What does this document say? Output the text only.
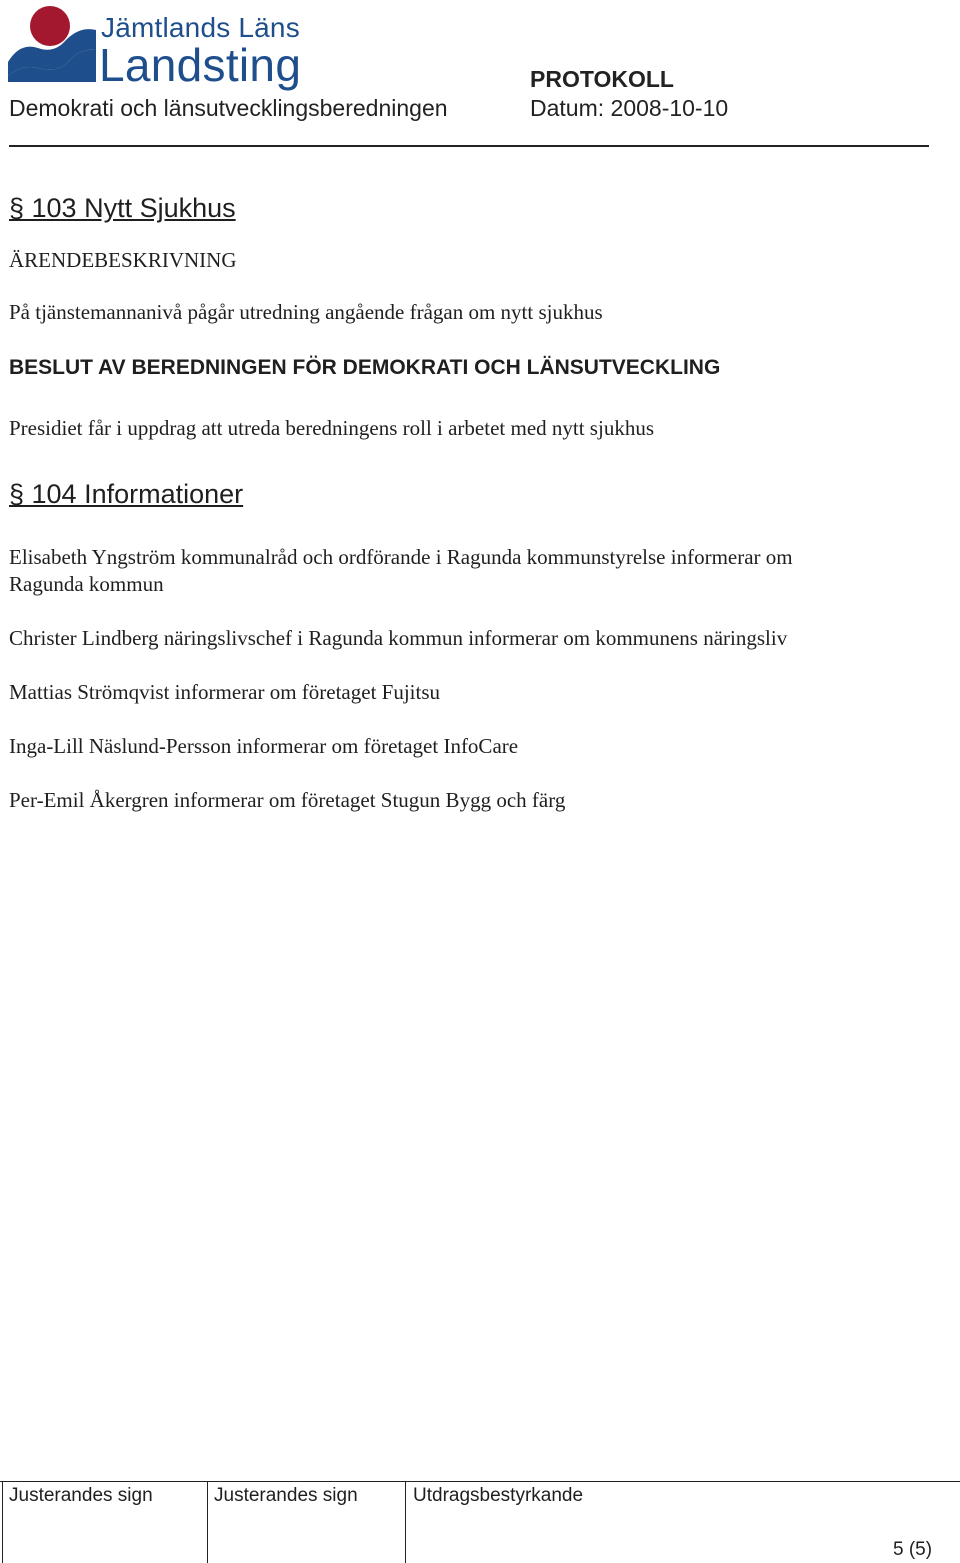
Jämtlands Läns
Landsting
Demokrati och länsutvecklingsberedningen
PROTOKOLL
Datum: 2008-10-10
§ 103 Nytt Sjukhus
ÄRENDEBESKRIVNING
På tjänstemannanivå pågår utredning angående frågan om nytt sjukhus
BESLUT AV BEREDNINGEN FÖR DEMOKRATI OCH LÄNSUTVECKLING
Presidiet får i uppdrag att utreda beredningens roll i arbetet med nytt sjukhus
§ 104 Informationer
Elisabeth Yngström kommunalråd och ordförande i Ragunda kommunstyrelse informerar om
Ragunda kommun
Christer Lindberg näringslivschef i Ragunda kommun informerar om kommunens näringsliv
Mattias Strömqvist informerar om företaget Fujitsu
Inga-Lill Näslund-Persson informerar om företaget InfoCare
Per-Emil Åkergren informerar om företaget Stugun Bygg och färg
Justerandes sign	Justerandes sign	Utdragsbestyrkande
5 (5)
